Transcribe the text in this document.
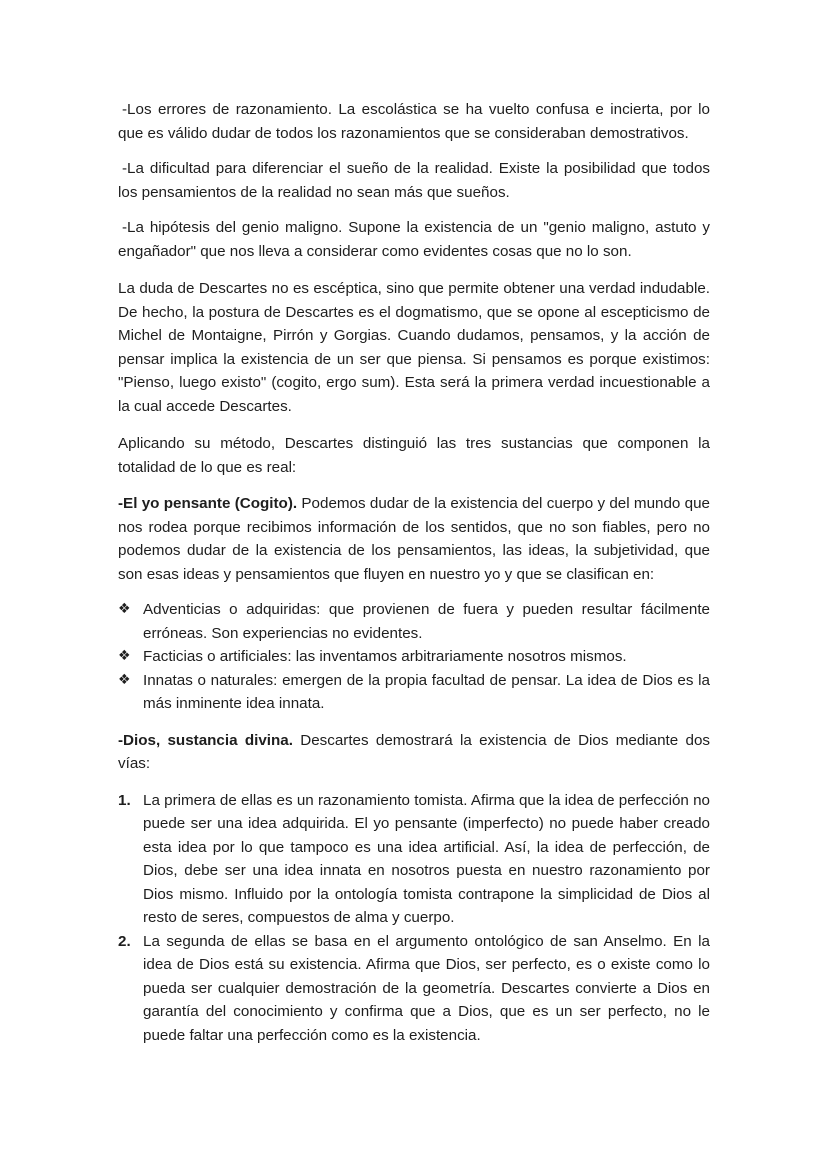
-Los errores de razonamiento. La escolástica se ha vuelto confusa e incierta, por lo que es válido dudar de todos los razonamientos que se consideraban demostrativos.

-La dificultad para diferenciar el sueño de la realidad. Existe la posibilidad que todos los pensamientos de la realidad no sean más que sueños.

-La hipótesis del genio maligno. Supone la existencia de un "genio maligno, astuto y engañador" que nos lleva a considerar como evidentes cosas que no lo son.

La duda de Descartes no es escéptica, sino que permite obtener una verdad indudable. De hecho, la postura de Descartes es el dogmatismo, que se opone al escepticismo de Michel de Montaigne, Pirrón y Gorgias. Cuando dudamos, pensamos, y la acción de pensar implica la existencia de un ser que piensa. Si pensamos es porque existimos: "Pienso, luego existo" (cogito, ergo sum). Esta será la primera verdad incuestionable a la cual accede Descartes.

Aplicando su método, Descartes distinguió las tres sustancias que componen la totalidad de lo que es real:

-El yo pensante (Cogito). Podemos dudar de la existencia del cuerpo y del mundo que nos rodea porque recibimos información de los sentidos, que no son fiables, pero no podemos dudar de la existencia de los pensamientos, las ideas, la subjetividad, que son esas ideas y pensamientos que fluyen en nuestro yo y que se clasifican en:

❖ Adventicias o adquiridas: que provienen de fuera y pueden resultar fácilmente erróneas. Son experiencias no evidentes.
❖ Facticias o artificiales: las inventamos arbitrariamente nosotros mismos.
❖ Innatas o naturales: emergen de la propia facultad de pensar. La idea de Dios es la más inminente idea innata.

-Dios, sustancia divina. Descartes demostrará la existencia de Dios mediante dos vías:

1. La primera de ellas es un razonamiento tomista. Afirma que la idea de perfección no puede ser una idea adquirida. El yo pensante (imperfecto) no puede haber creado esta idea por lo que tampoco es una idea artificial. Así, la idea de perfección, de Dios, debe ser una idea innata en nosotros puesta en nuestro razonamiento por Dios mismo. Influido por la ontología tomista contrapone la simplicidad de Dios al resto de seres, compuestos de alma y cuerpo.
2. La segunda de ellas se basa en el argumento ontológico de san Anselmo. En la idea de Dios está su existencia. Afirma que Dios, ser perfecto, es o existe como lo pueda ser cualquier demostración de la geometría. Descartes convierte a Dios en garantía del conocimiento y confirma que a Dios, que es un ser perfecto, no le puede faltar una perfección como es la existencia.
